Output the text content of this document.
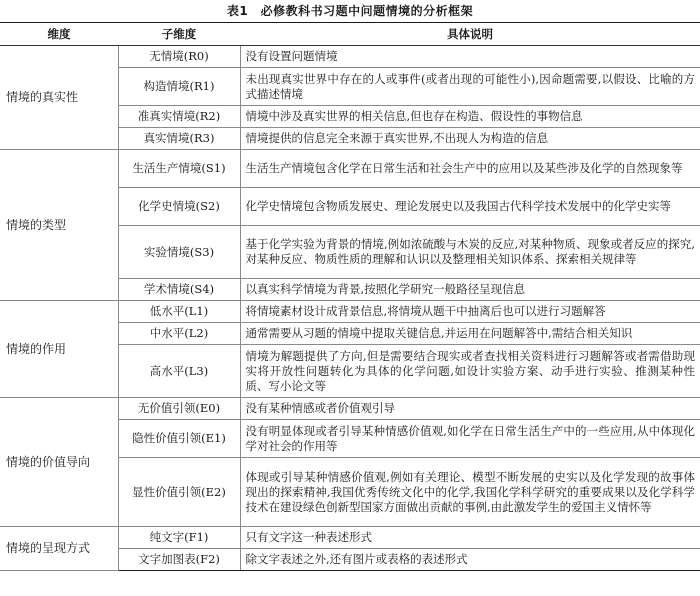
表1　必修教科书习题中问题情境的分析框架
维度	子维度	具体说明
情境的真实性	无情境(R0)	没有设置问题情境
	构造情境(R1)	未出现真实世界中存在的人或事件(或者出现的可能性小),因命题需要,以假设、比喻的方式描述情境
	准真实情境(R2)	情境中涉及真实世界的相关信息,但也存在构造、假设性的事物信息
	真实情境(R3)	情境提供的信息完全来源于真实世界,不出现人为构造的信息
情境的类型	生活生产情境(S1)	生活生产情境包含化学在日常生活和社会生产中的应用以及某些涉及化学的自然现象等
	化学史情境(S2)	化学史情境包含物质发展史、理论发展史以及我国古代科学技术发展中的化学史实等
	实验情境(S3)	基于化学实验为背景的情境,例如浓硫酸与木炭的反应,对某种物质、现象或者反应的探究,对某种反应、物质性质的理解和认识以及整理相关知识体系、探索相关规律等
	学术情境(S4)	以真实科学情境为背景,按照化学研究一般路径呈现信息
情境的作用	低水平(L1)	将情境素材设计成背景信息,将情境从题干中抽离后也可以进行习题解答
	中水平(L2)	通常需要从习题的情境中提取关键信息,并运用在问题解答中,需结合相关知识
	高水平(L3)	情境为解题提供了方向,但是需要结合现实或者查找相关资料进行习题解答或者需借助现实将开放性问题转化为具体的化学问题,如设计实验方案、动手进行实验、推测某种性质、写小论文等
情境的价值导向	无价值引领(E0)	没有某种情感或者价值观引导
	隐性价值引领(E1)	没有明显体现或者引导某种情感价值观,如化学在日常生活生产中的一些应用,从中体现化学对社会的作用等
	显性价值引领(E2)	体现或引导某种情感价值观,例如有关理论、模型不断发展的史实以及化学发现的故事体现出的探索精神,我国优秀传统文化中的化学,我国化学科学研究的重要成果以及化学科学技术在建设绿色创新型国家方面做出贡献的事例,由此激发学生的爱国主义情怀等
情境的呈现方式	纯文字(F1)	只有文字这一种表述形式
	文字加图表(F2)	除文字表述之外,还有图片或表格的表述形式
